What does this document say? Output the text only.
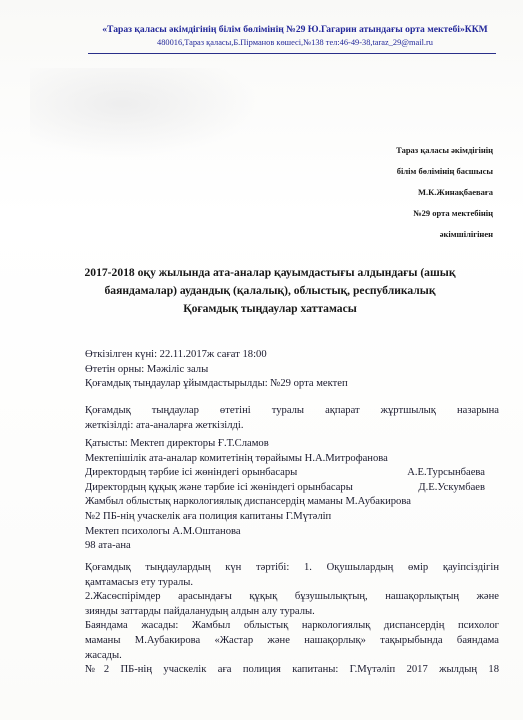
«Тараз қаласы әкімдігінің білім бөлімінің №29 Ю.Гагарин атындағы орта мектебі»ККМ
480016,Тараз қаласы,Б.Пірманов көшесі,№138 тел:46-49-38,taraz_29@mail.ru
Тараз қаласы әкімдігінің
білім бөлімінің басшысы
М.К.Жинақбаеваға
№29 орта мектебінің
әкімшілігінен
2017-2018 оқу жылында ата-аналар қауымдастығы алдындағы (ашық
баяндамалар) аудандық (қалалық), облыстық, республикалық
Қоғамдық тыңдаулар хаттамасы
Өткізілген күні: 22.11.2017ж сағат 18:00
Өтетін орны: Мәжіліс залы
Қоғамдық тыңдаулар ұйымдастырылды: №29 орта мектеп
Қоғамдық тыңдаулар өтетіні туралы ақпарат жұртшылық назарына
жеткізілді: ата-аналарға жеткізілді.
Қатысты: Мектеп директоры Ғ.Т.Сламов
Мектепішілік ата-аналар комитетінің төрайымы Н.А.Митрофанова
Директордың тәрбие ісі жөніндегі орынбасары	А.Е.Турсынбаева
Директордың құқық және тәрбие ісі жөніндегі орынбасары	Д.Е.Ускумбаев
Жамбыл облыстық наркологиялық диспансердің маманы М.Аубакирова
№2 ПБ-нің учаскелік аға полиция капитаны Г.Мүтәліп
Мектеп психологы А.М.Оштанова
98 ата-ана
Қоғамдық тыңдаулардың күн тәртібі: 1. Оқушылардың өмір қауіпсіздігін
қамтамасыз ету туралы.
2.Жасөспірімдер арасындағы құқық бұзушылықтың, нашақорлықтың және
зиянды заттарды пайдаланудың алдын алу туралы.
Баяндама жасады: Жамбыл облыстық наркологиялық диспансердің психолог
маманы М.Аубакирова «Жастар және нашақорлық» тақырыбында баяндама
жасады.
№2 ПБ-нің учаскелік аға полиция капитаны: Г.Мүтәліп 2017 жылдың 18
